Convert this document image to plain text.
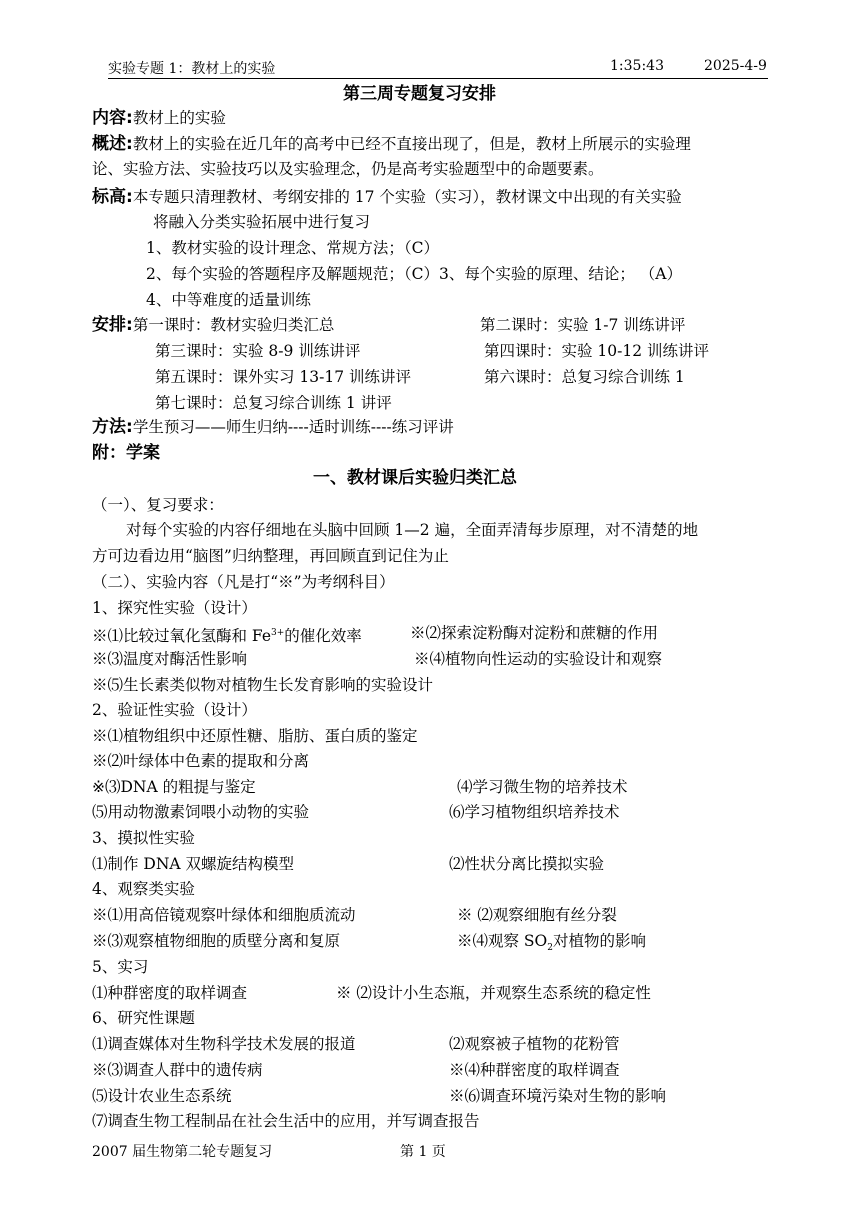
实验专题 1：教材上的实验	1:35:43	2025-4-9
第三周专题复习安排
内容:教材上的实验
概述:教材上的实验在近几年的高考中已经不直接出现了，但是，教材上所展示的实验理
论、实验方法、实验技巧以及实验理念，仍是高考实验题型中的命题要素。
标高:本专题只清理教材、考纲安排的 17 个实验（实习），教材课文中出现的有关实验
将融入分类实验拓展中进行复习
1、教材实验的设计理念、常规方法；（C）
2、每个实验的答题程序及解题规范；（C）3、每个实验的原理、结论； （A）
4、中等难度的适量训练
安排:第一课时：教材实验归类汇总	第二课时：实验 1-7 训练讲评
第三课时：实验 8-9 训练讲评	第四课时：实验 10-12 训练讲评
第五课时：课外实习 13-17 训练讲评	第六课时：总复习综合训练 1
第七课时：总复习综合训练 1 讲评
方法:学生预习——师生归纳----适时训练----练习评讲
附：学案
一、教材课后实验归类汇总
（一）、复习要求：
对每个实验的内容仔细地在头脑中回顾 1—2 遍，全面弄清每步原理，对不清楚的地
方可边看边用“脑图”归纳整理，再回顾直到记住为止
（二）、实验内容（凡是打“※”为考纲科目）
1、探究性实验（设计）
※⑴比较过氧化氢酶和 $Fe^{3+}$的催化效率	※⑵探索淀粉酶对淀粉和蔗糖的作用
※⑶温度对酶活性影响	※⑷植物向性运动的实验设计和观察
※⑸生长素类似物对植物生长发育影响的实验设计
2、验证性实验（设计）
※⑴植物组织中还原性糖、脂肪、蛋白质的鉴定
※⑵叶绿体中色素的提取和分离
※⑶DNA 的粗提与鉴定	⑷学习微生物的培养技术
⑸用动物激素饲喂小动物的实验	⑹学习植物组织培养技术
3、摸拟性实验
⑴制作 DNA 双螺旋结构模型	⑵性状分离比摸拟实验
4、观察类实验
※⑴用高倍镜观察叶绿体和细胞质流动	※ ⑵观察细胞有丝分裂
※⑶观察植物细胞的质壁分离和复原	※⑷观察 $SO_2$对植物的影响
5、实习
⑴种群密度的取样调查	※ ⑵设计小生态瓶，并观察生态系统的稳定性
6、研究性课题
⑴调查媒体对生物科学技术发展的报道	⑵观察被子植物的花粉管
※⑶调查人群中的遗传病	※⑷种群密度的取样调查
⑸设计农业生态系统	※⑹调查环境污染对生物的影响
⑺调查生物工程制品在社会生活中的应用，并写调查报告
2007 届生物第二轮专题复习	第 1 页
